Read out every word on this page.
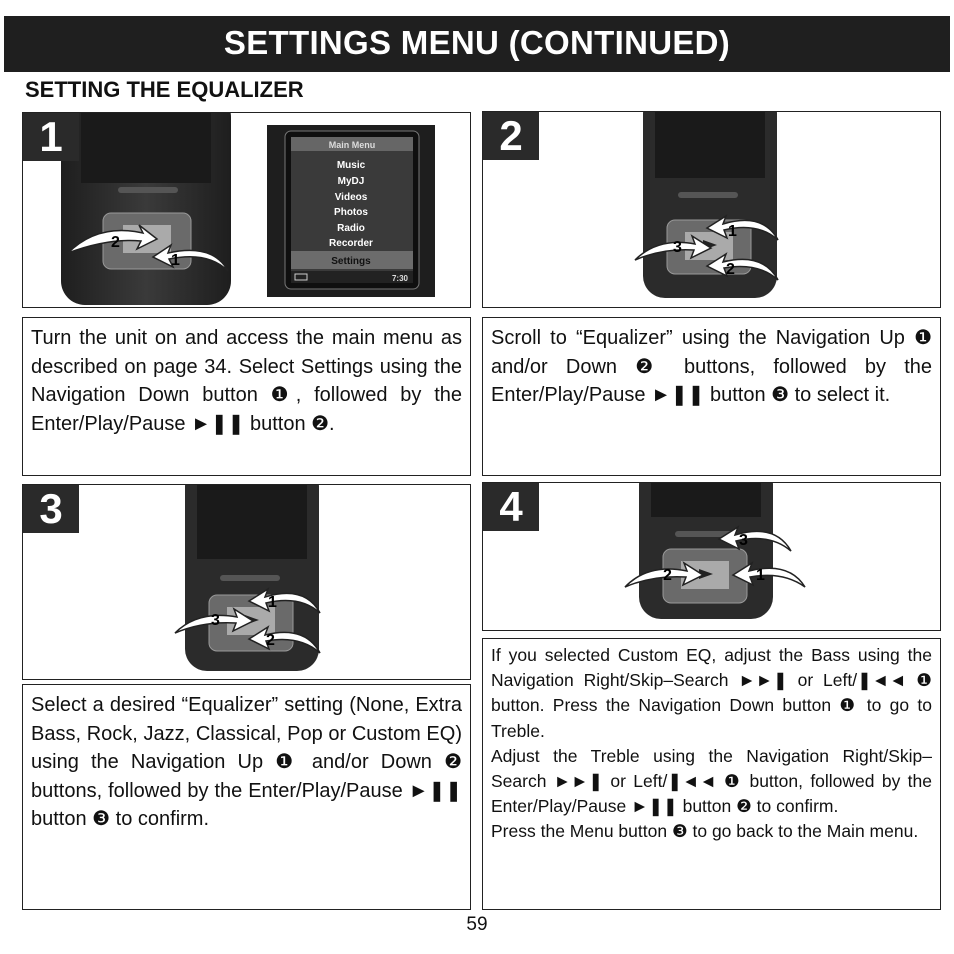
SETTINGS MENU (CONTINUED)
SETTING THE EQUALIZER
2
1
Main Menu
Music
MyDJ
Videos
Photos
Radio
Recorder
Settings
7:30
1
1
3
2
2

Turn the unit on and access the main menu as described on page 34. Select Settings using the Navigation Down button ❶, followed by the Enter/Play/Pause ►❚❚ button ❷.

Scroll to “Equalizer” using the Navigation Up ❶ and/or Down ❷ buttons, followed by the Enter/Play/Pause ►❚❚ button ❸ to select it.

1
3
2
3
3
2	1
4

Select a desired “Equalizer” setting (None, Extra Bass, Rock, Jazz, Classical, Pop or Custom EQ) using the Navigation Up ❶ and/or Down ❷ buttons, followed by the Enter/Play/Pause ►❚❚ button ❸ to confirm.

If you selected Custom EQ, adjust the Bass using the Navigation Right/Skip–Search ►►❚ or Left/❚◄◄ ❶ button. Press the Navigation Down button ❶ to go to Treble.

Adjust the Treble using the Navigation Right/Skip–Search ►►❚ or Left/❚◄◄ ❶ button, followed by the Enter/Play/Pause ►❚❚ button ❷ to confirm.

Press the Menu button ❸ to go back to the Main menu.

59
